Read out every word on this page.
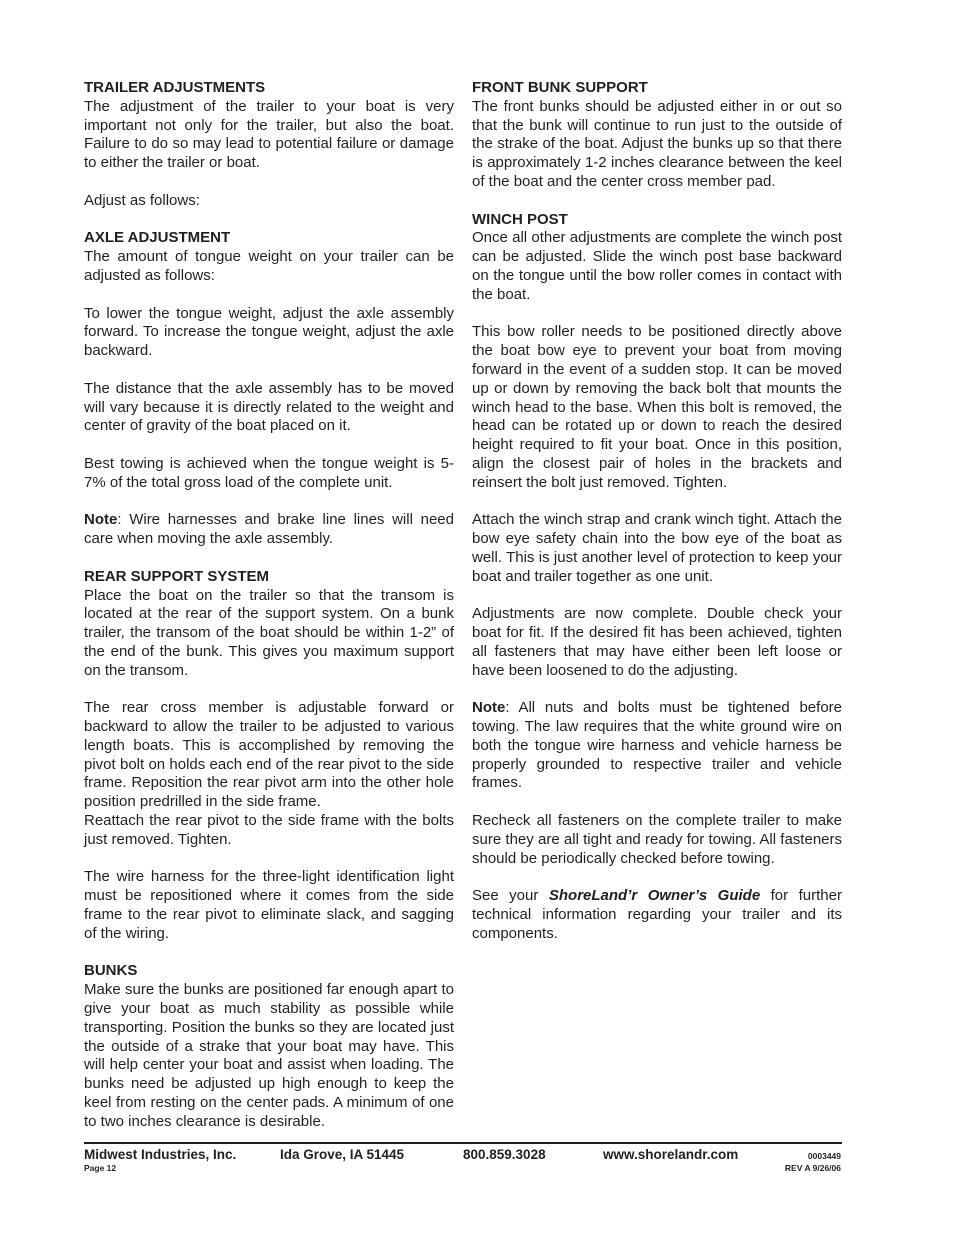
TRAILER ADJUSTMENTS

The adjustment of the trailer to your boat is very important not only for the trailer, but also the boat. Failure to do so may lead to potential failure or damage to either the trailer or boat.

Adjust as follows:

AXLE ADJUSTMENT

The amount of tongue weight on your trailer can be adjusted as follows:

To lower the tongue weight, adjust the axle assembly forward. To increase the tongue weight, adjust the axle backward.

The distance that the axle assembly has to be moved will vary because it is directly related to the weight and center of gravity of the boat placed on it.

Best towing is achieved when the tongue weight is 5-7% of the total gross load of the complete unit.

Note: Wire harnesses and brake line lines will need care when moving the axle assembly.

REAR SUPPORT SYSTEM

Place the boat on the trailer so that the transom is located at the rear of the support system. On a bunk trailer, the transom of the boat should be within 1-2” of the end of the bunk. This gives you maximum support on the transom.

The rear cross member is adjustable forward or backward to allow the trailer to be adjusted to various length boats. This is accomplished by removing the pivot bolt on holds each end of the rear pivot to the side frame. Reposition the rear pivot arm into the other hole position predrilled in the side frame.

Reattach the rear pivot to the side frame with the bolts just removed. Tighten.

The wire harness for the three-light identification light must be repositioned where it comes from the side frame to the rear pivot to eliminate slack, and sagging of the wiring.

BUNKS

Make sure the bunks are positioned far enough apart to give your boat as much stability as possible while transporting. Position the bunks so they are located just the outside of a strake that your boat may have. This will help center your boat and assist when loading. The bunks need be adjusted up high enough to keep the keel from resting on the center pads. A minimum of one to two inches clearance is desirable.

FRONT BUNK SUPPORT

The front bunks should be adjusted either in or out so that the bunk will continue to run just to the outside of the strake of the boat. Adjust the bunks up so that there is approximately 1-2 inches clearance between the keel of the boat and the center cross member pad.

WINCH POST

Once all other adjustments are complete the winch post can be adjusted. Slide the winch post base backward on the tongue until the bow roller comes in contact with the boat.

This bow roller needs to be positioned directly above the boat bow eye to prevent your boat from moving forward in the event of a sudden stop. It can be moved up or down by removing the back bolt that mounts the winch head to the base. When this bolt is removed, the head can be rotated up or down to reach the desired height required to fit your boat. Once in this position, align the closest pair of holes in the brackets and reinsert the bolt just removed. Tighten.

Attach the winch strap and crank winch tight. Attach the bow eye safety chain into the bow eye of the boat as well. This is just another level of protection to keep your boat and trailer together as one unit.

Adjustments are now complete. Double check your boat for fit. If the desired fit has been achieved, tighten all fasteners that may have either been left loose or have been loosened to do the adjusting.

Note: All nuts and bolts must be tightened before towing. The law requires that the white ground wire on both the tongue wire harness and vehicle harness be properly grounded to respective trailer and vehicle frames.

Recheck all fasteners on the complete trailer to make sure they are all tight and ready for towing. All fasteners should be periodically checked before towing.

See your ShoreLand’r Owner’s Guide for further technical information regarding your trailer and its components.

Midwest Industries, Inc.	Ida Grove, IA 51445	800.859.3028	www.shorelandr.com	0003449
Page 12	REV A 9/26/06
